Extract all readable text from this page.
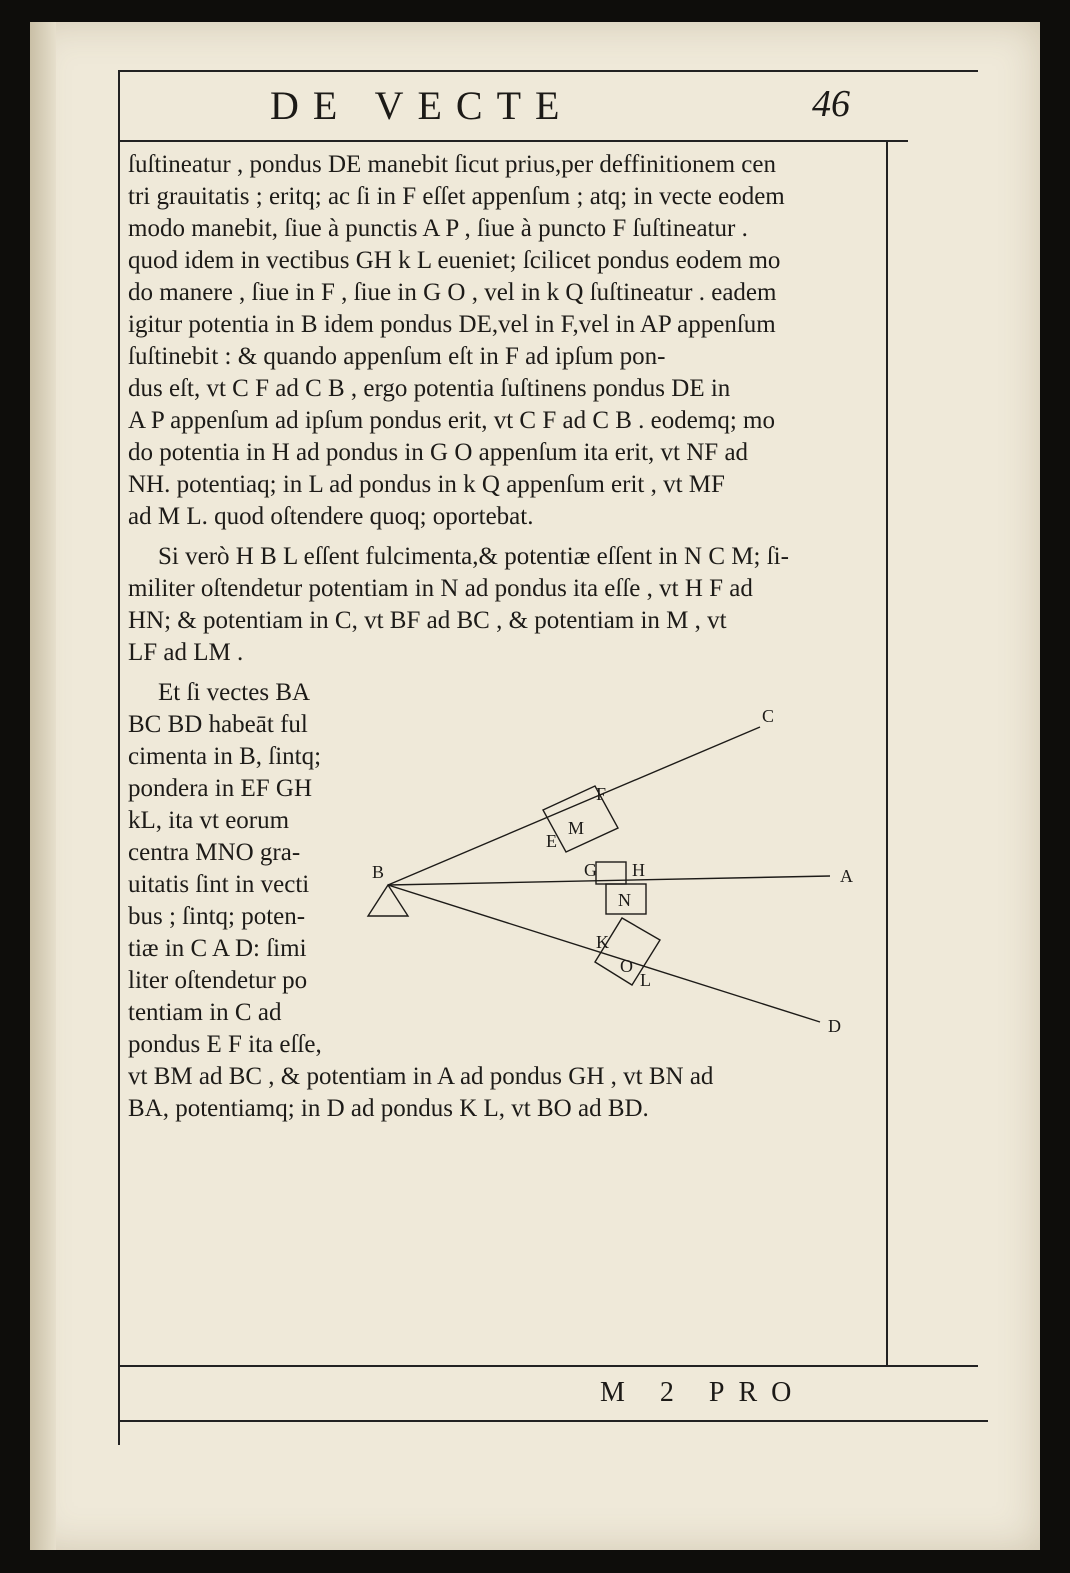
DE VECTE	46
ſuſtineatur , pondus DE manebit ſicut prius,per deffinitionem cen
tri grauitatis ; eritq; ac ſi in F eſſet appenſum ; atq; in vecte eodem
modo manebit, ſiue à punctis A P , ſiue à puncto F ſuſtineatur .
quod idem in vectibus GH k L eueniet; ſcilicet pondus eodem mo
do manere , ſiue in F , ſiue in G O , vel in k Q ſuſtineatur . eadem
igitur potentia in B idem pondus DE,vel in F,vel in AP appenſum
ſuſtinebit : & quando appenſum eſt in F ad ipſum pon-
dus eſt, vt C F ad C B , ergo potentia ſuſtinens pondus DE in
A P appenſum ad ipſum pondus erit, vt C F ad C B . eodemq; mo
do potentia in H ad pondus in G O appenſum ita erit, vt NF ad
NH. potentiaq; in L ad pondus in k Q appenſum erit , vt MF
ad M L. quod oſtendere quoq; oportebat.
Si verò H B L eſſent fulcimenta,& potentiæ eſſent in N C M; ſi-
militer oſtendetur potentiam in N ad pondus ita eſſe , vt H F ad
HN; & potentiam in C, vt BF ad BC , & potentiam in M , vt
LF ad LM .
Et ſi vectes BA
BC BD habeāt ful
cimenta in B, ſintq;
pondera in EF GH
kL, ita vt eorum
centra MNO gra-
uitatis ſint in vecti
bus ; ſintq; poten-
tiæ in C A D: ſimi
liter oſtendetur po
tentiam in C ad
pondus E F ita eſſe,
vt BM ad BC , & potentiam in A ad pondus GH , vt BN ad
BA, potentiamq; in D ad pondus K L, vt BO ad BD.
B
C
A
D
E
F
M
G H
N
K
O
L
M 2 PRO
